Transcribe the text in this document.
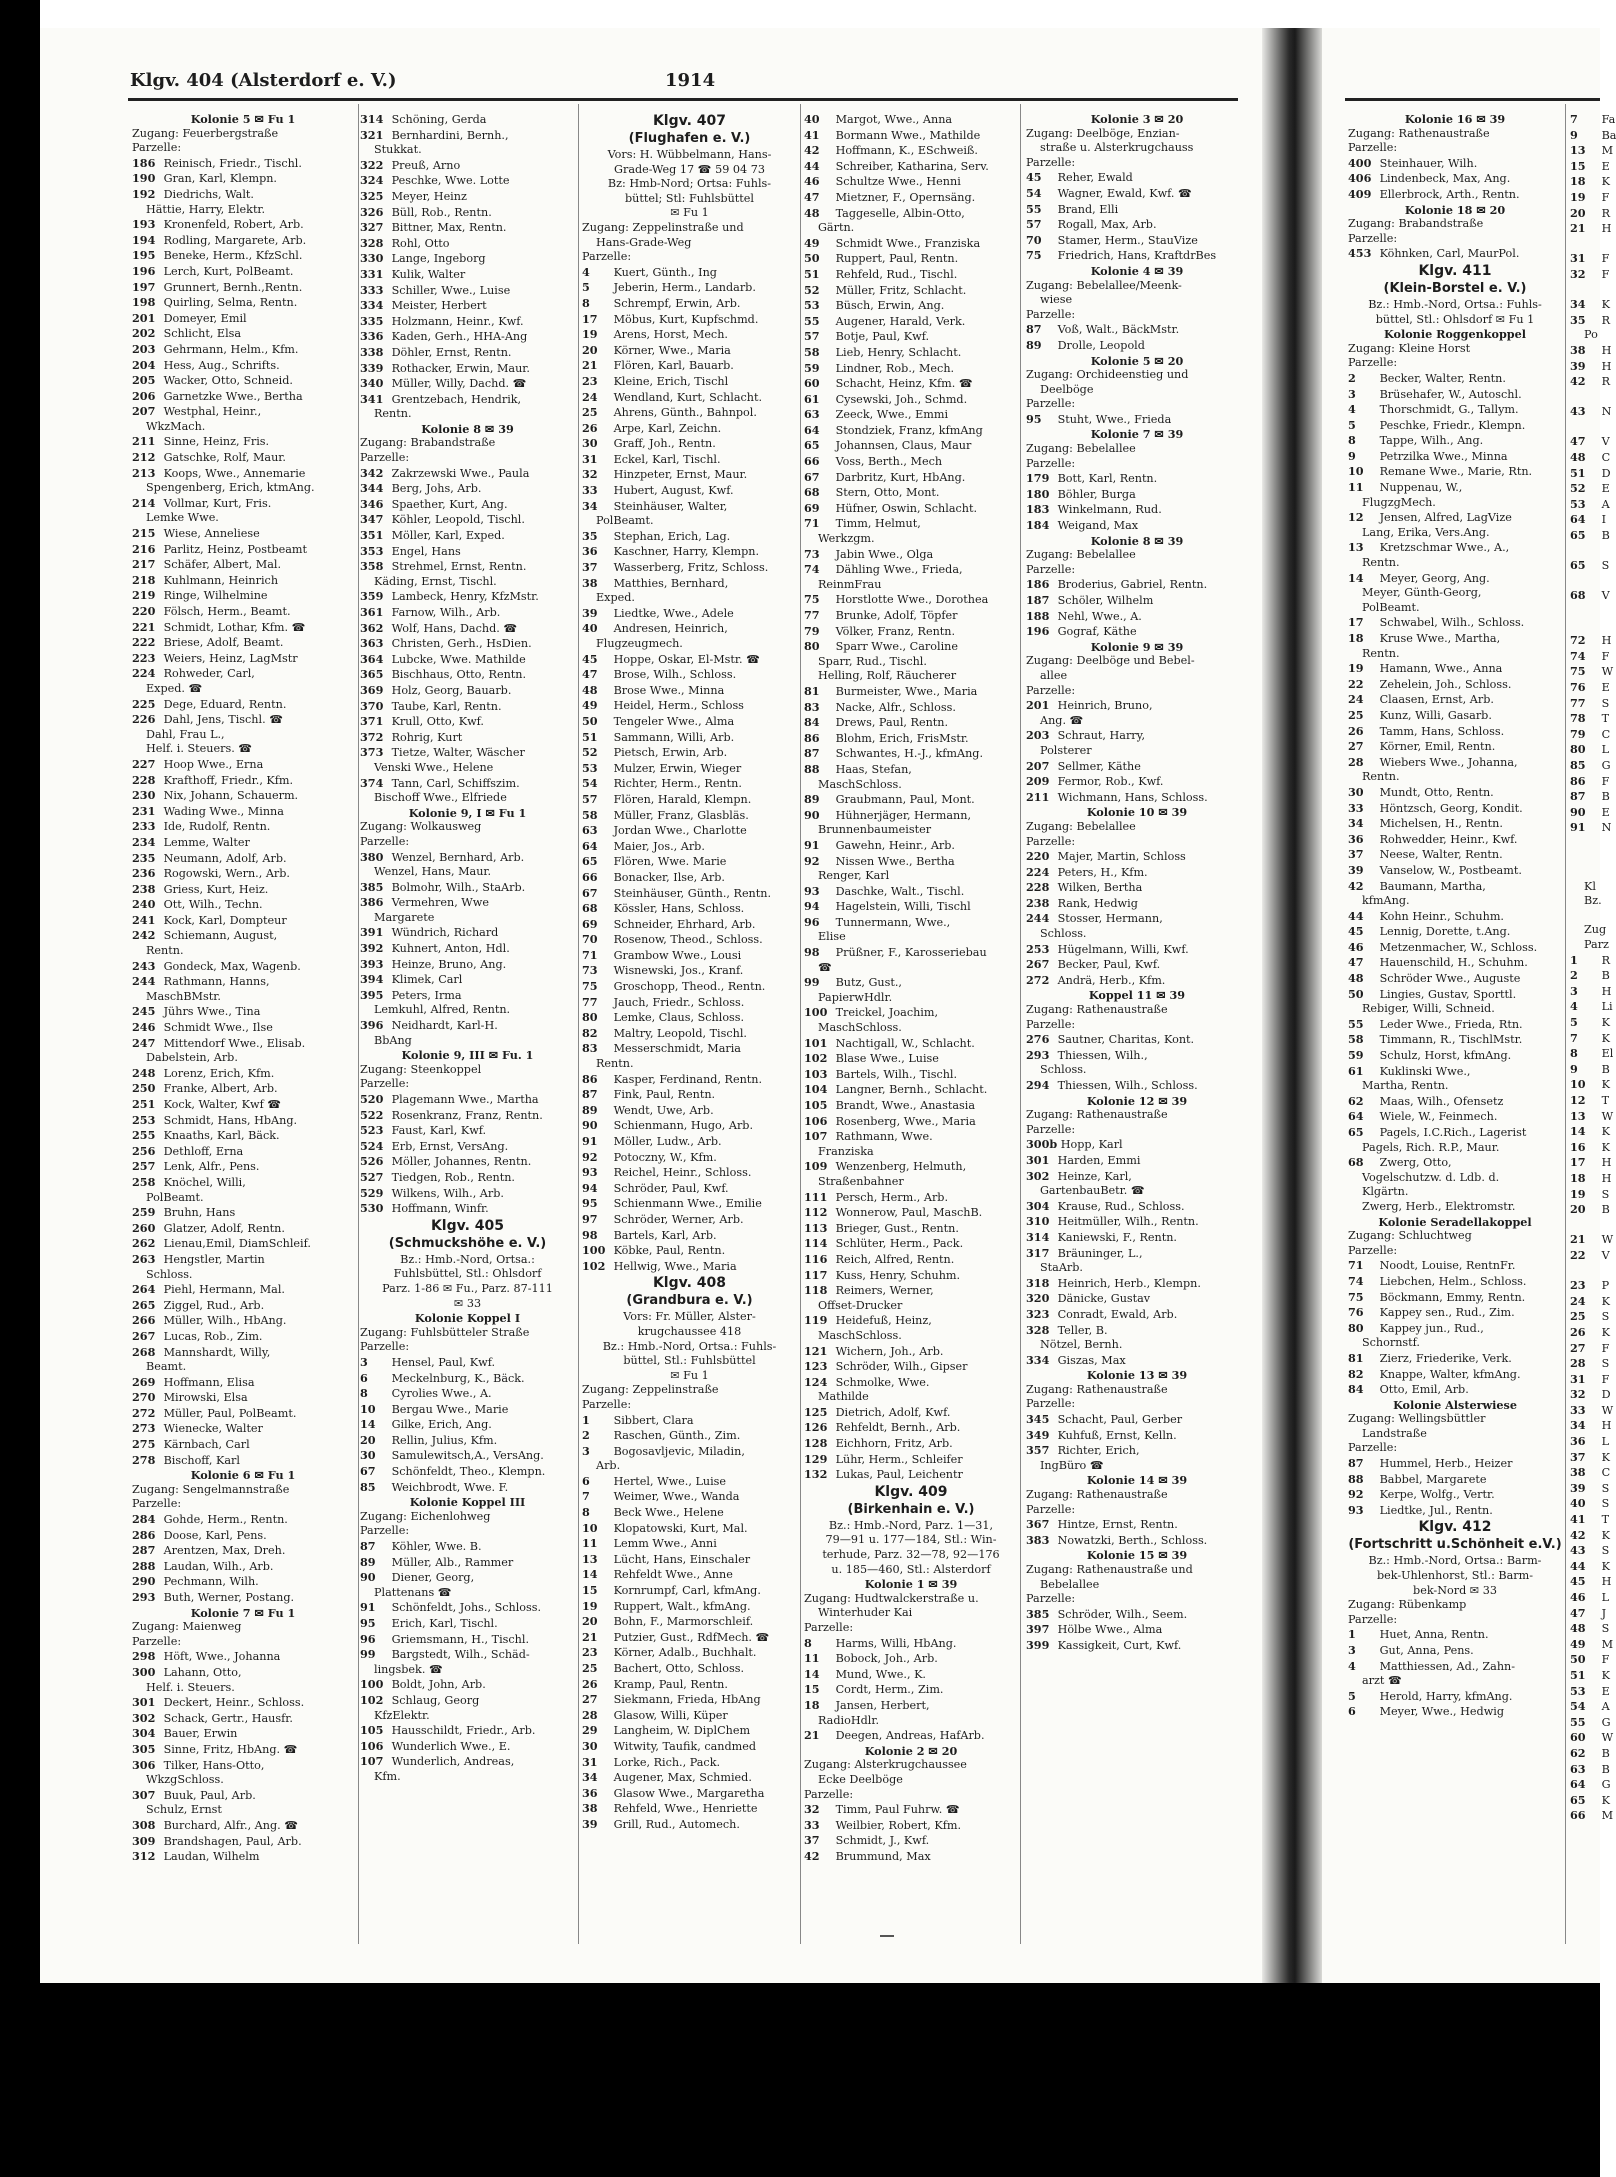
Klgv. 404 (Alsterdorf e. V.)	1914
Kolonie 5 ✉ Fu 1
Zugang: Feuerbergstraße
Parzelle:
186 Reinisch, Friedr., Tischl.
190 Gran, Karl, Klempn.
192 Diedrichs, Walt.
Hättie, Harry, Elektr.
193 Kronenfeld, Robert, Arb.
194 Rodling, Margarete, Arb.
195 Beneke, Herm., KfzSchl.
196 Lerch, Kurt, PolBeamt.
197 Grunnert, Bernh.,Rentn.
198 Quirling, Selma, Rentn.
201 Domeyer, Emil
202 Schlicht, Elsa
203 Gehrmann, Helm., Kfm.
204 Hess, Aug., Schrifts.
205 Wacker, Otto, Schneid.
206 Garnetzke Wwe., Bertha
207 Westphal, Heinr.,
WkzMach.
211 Sinne, Heinz, Fris.
212 Gatschke, Rolf, Maur.
213 Koops, Wwe., Annemarie
Spengenberg, Erich, ktmAng.
214 Vollmar, Kurt, Fris.
Lemke Wwe.
215 Wiese, Anneliese
216 Parlitz, Heinz, Postbeamt
217 Schäfer, Albert, Mal.
218 Kuhlmann, Heinrich
219 Ringe, Wilhelmine
220 Fölsch, Herm., Beamt.
221 Schmidt, Lothar, Kfm. ☎
222 Briese, Adolf, Beamt.
223 Weiers, Heinz, LagMstr
224 Rohweder, Carl,
Exped. ☎
225 Dege, Eduard, Rentn.
226 Dahl, Jens, Tischl. ☎
Dahl, Frau L.,
Helf. i. Steuers. ☎
227 Hoop Wwe., Erna
228 Krafthoff, Friedr., Kfm.
230 Nix, Johann, Schauerm.
231 Wading Wwe., Minna
233 Ide, Rudolf, Rentn.
234 Lemme, Walter
235 Neumann, Adolf, Arb.
236 Rogowski, Wern., Arb.
238 Griess, Kurt, Heiz.
240 Ott, Wilh., Techn.
241 Kock, Karl, Dompteur
242 Schiemann, August,
Rentn.
243 Gondeck, Max, Wagenb.
244 Rathmann, Hanns,
MaschBMstr.
245 Jührs Wwe., Tina
246 Schmidt Wwe., Ilse
247 Mittendorf Wwe., Elisab.
Dabelstein, Arb.
248 Lorenz, Erich, Kfm.
250 Franke, Albert, Arb.
251 Kock, Walter, Kwf ☎
253 Schmidt, Hans, HbAng.
255 Knaaths, Karl, Bäck.
256 Dethloff, Erna
257 Lenk, Alfr., Pens.
258 Knöchel, Willi,
PolBeamt.
259 Bruhn, Hans
260 Glatzer, Adolf, Rentn.
262 Lienau,Emil, DiamSchleif.
263 Hengstler, Martin
Schloss.
264 Piehl, Hermann, Mal.
265 Ziggel, Rud., Arb.
266 Müller, Wilh., HbAng.
267 Lucas, Rob., Zim.
268 Mannshardt, Willy,
Beamt.
269 Hoffmann, Elisa
270 Mirowski, Elsa
272 Müller, Paul, PolBeamt.
273 Wienecke, Walter
275 Kärnbach, Carl
278 Bischoff, Karl
Kolonie 6 ✉ Fu 1
Zugang: Sengelmannstraße
Parzelle:
284 Gohde, Herm., Rentn.
286 Doose, Karl, Pens.
287 Arentzen, Max, Dreh.
288 Laudan, Wilh., Arb.
290 Pechmann, Wilh.
293 Buth, Werner, Postang.
Kolonie 7 ✉ Fu 1
Zugang: Maienweg
Parzelle:
298 Höft, Wwe., Johanna
300 Lahann, Otto,
Helf. i. Steuers.
301 Deckert, Heinr., Schloss.
302 Schack, Gertr., Hausfr.
304 Bauer, Erwin
305 Sinne, Fritz, HbAng. ☎
306 Tilker, Hans-Otto,
WkzgSchloss.
307 Buuk, Paul, Arb.
Schulz, Ernst
308 Burchard, Alfr., Ang. ☎
309 Brandshagen, Paul, Arb.
312 Laudan, Wilhelm
314 Schöning, Gerda
321 Bernhardini, Bernh.,
Stukkat.
322 Preuß, Arno
324 Peschke, Wwe. Lotte
325 Meyer, Heinz
326 Büll, Rob., Rentn.
327 Bittner, Max, Rentn.
328 Rohl, Otto
330 Lange, Ingeborg
331 Kulik, Walter
333 Schiller, Wwe., Luise
334 Meister, Herbert
335 Holzmann, Heinr., Kwf.
336 Kaden, Gerh., HHA-Ang
338 Döhler, Ernst, Rentn.
339 Rothacker, Erwin, Maur.
340 Müller, Willy, Dachd. ☎
341 Grentzebach, Hendrik,
Rentn.
Kolonie 8 ✉ 39
Zugang: Brabandstraße
Parzelle:
342 Zakrzewski Wwe., Paula
344 Berg, Johs, Arb.
346 Spaether, Kurt, Ang.
347 Köhler, Leopold, Tischl.
351 Möller, Karl, Exped.
353 Engel, Hans
358 Strehmel, Ernst, Rentn.
Käding, Ernst, Tischl.
359 Lambeck, Henry, KfzMstr.
361 Farnow, Wilh., Arb.
362 Wolf, Hans, Dachd. ☎
363 Christen, Gerh., HsDien.
364 Lubcke, Wwe. Mathilde
365 Bischhaus, Otto, Rentn.
369 Holz, Georg, Bauarb.
370 Taube, Karl, Rentn.
371 Krull, Otto, Kwf.
372 Rohrig, Kurt
373 Tietze, Walter, Wäscher
Venski Wwe., Helene
374 Tann, Carl, Schiffszim.
Bischoff Wwe., Elfriede
Kolonie 9, I ✉ Fu 1
Zugang: Wolkausweg
Parzelle:
380 Wenzel, Bernhard, Arb.
Wenzel, Hans, Maur.
385 Bolmohr, Wilh., StaArb.
386 Vermehren, Wwe
Margarete
391 Wündrich, Richard
392 Kuhnert, Anton, Hdl.
393 Heinze, Bruno, Ang.
394 Klimek, Carl
395 Peters, Irma
Lemkuhl, Alfred, Rentn.
396 Neidhardt, Karl-H.
BbAng
Kolonie 9, III ✉ Fu. 1
Zugang: Steenkoppel
Parzelle:
520 Plagemann Wwe., Martha
522 Rosenkranz, Franz, Rentn.
523 Faust, Karl, Kwf.
524 Erb, Ernst, VersAng.
526 Möller, Johannes, Rentn.
527 Tiedgen, Rob., Rentn.
529 Wilkens, Wilh., Arb.
530 Hoffmann, Winfr.
Klgv. 405
(Schmuckshöhe e. V.)
Bz.: Hmb.-Nord, Ortsa.:
Fuhlsbüttel, Stl.: Ohlsdorf
Parz. 1-86 ✉ Fu., Parz. 87-111
✉ 33
Kolonie Koppel I
Zugang: Fuhlsbütteler Straße
Parzelle:
3 Hensel, Paul, Kwf.
6 Meckelnburg, K., Bäck.
8 Cyrolies Wwe., A.
10 Bergau Wwe., Marie
14 Gilke, Erich, Ang.
20 Rellin, Julius, Kfm.
30 Samulewitsch,A., VersAng.
67 Schönfeldt, Theo., Klempn.
85 Weichbrodt, Wwe. F.
Kolonie Koppel III
Zugang: Eichenlohweg
Parzelle:
87 Köhler, Wwe. B.
89 Müller, Alb., Rammer
90 Diener, Georg,
Plattenans ☎
91 Schönfeldt, Johs., Schloss.
95 Erich, Karl, Tischl.
96 Griemsmann, H., Tischl.
99 Bargstedt, Wilh., Schäd-
lingsbek. ☎
100 Boldt, John, Arb.
102 Schlaug, Georg
KfzElektr.
105 Hausschildt, Friedr., Arb.
106 Wunderlich Wwe., E.
107 Wunderlich, Andreas,
Kfm.
Klgv. 407
(Flughafen e. V.)
Vors: H. Wübbelmann, Hans-
Grade-Weg 17 ☎ 59 04 73
Bz: Hmb-Nord; Ortsa: Fuhls-
büttel; Stl: Fuhlsbüttel
✉ Fu 1
Zugang: Zeppelinstraße und
Hans-Grade-Weg
Parzelle:
4 Kuert, Günth., Ing
5 Jeberin, Herm., Landarb.
8 Schrempf, Erwin, Arb.
17 Möbus, Kurt, Kupfschmd.
19 Arens, Horst, Mech.
20 Körner, Wwe., Maria
21 Flören, Karl, Bauarb.
23 Kleine, Erich, Tischl
24 Wendland, Kurt, Schlacht.
25 Ahrens, Günth., Bahnpol.
26 Arpe, Karl, Zeichn.
30 Graff, Joh., Rentn.
31 Eckel, Karl, Tischl.
32 Hinzpeter, Ernst, Maur.
33 Hubert, August, Kwf.
34 Steinhäuser, Walter,
PolBeamt.
35 Stephan, Erich, Lag.
36 Kaschner, Harry, Klempn.
37 Wasserberg, Fritz, Schloss.
38 Matthies, Bernhard,
Exped.
39 Liedtke, Wwe., Adele
40 Andresen, Heinrich,
Flugzeugmech.
45 Hoppe, Oskar, El-Mstr. ☎
47 Brose, Wilh., Schloss.
48 Brose Wwe., Minna
49 Heidel, Herm., Schloss
50 Tengeler Wwe., Alma
51 Sammann, Willi, Arb.
52 Pietsch, Erwin, Arb.
53 Mulzer, Erwin, Wieger
54 Richter, Herm., Rentn.
57 Flören, Harald, Klempn.
58 Müller, Franz, Glasbläs.
63 Jordan Wwe., Charlotte
64 Maier, Jos., Arb.
65 Flören, Wwe. Marie
66 Bonacker, Ilse, Arb.
67 Steinhäuser, Günth., Rentn.
68 Kössler, Hans, Schloss.
69 Schneider, Ehrhard, Arb.
70 Rosenow, Theod., Schloss.
71 Grambow Wwe., Lousi
73 Wisnewski, Jos., Kranf.
75 Groschopp, Theod., Rentn.
77 Jauch, Friedr., Schloss.
80 Lemke, Claus, Schloss.
82 Maltry, Leopold, Tischl.
83 Messerschmidt, Maria
Rentn.
86 Kasper, Ferdinand, Rentn.
87 Fink, Paul, Rentn.
89 Wendt, Uwe, Arb.
90 Schienmann, Hugo, Arb.
91 Möller, Ludw., Arb.
92 Potoczny, W., Kfm.
93 Reichel, Heinr., Schloss.
94 Schröder, Paul, Kwf.
95 Schienmann Wwe., Emilie
97 Schröder, Werner, Arb.
98 Bartels, Karl, Arb.
100 Köbke, Paul, Rentn.
102 Hellwig, Wwe., Maria
Klgv. 408
(Grandbura e. V.)
Vors: Fr. Müller, Alster-
krugchaussee 418
Bz.: Hmb.-Nord, Ortsa.: Fuhls-
büttel, Stl.: Fuhlsbüttel
✉ Fu 1
Zugang: Zeppelinstraße
Parzelle:
1 Sibbert, Clara
2 Raschen, Günth., Zim.
3 Bogosavljevic, Miladin,
Arb.
6 Hertel, Wwe., Luise
7 Weimer, Wwe., Wanda
8 Beck Wwe., Helene
10 Klopatowski, Kurt, Mal.
11 Lemm Wwe., Anni
13 Lücht, Hans, Einschaler
14 Rehfeldt Wwe., Anne
15 Kornrumpf, Carl, kfmAng.
19 Ruppert, Walt., kfmAng.
20 Bohn, F., Marmorschleif.
21 Putzier, Gust., RdfMech. ☎
23 Körner, Adalb., Buchhalt.
25 Bachert, Otto, Schloss.
26 Kramp, Paul, Rentn.
27 Siekmann, Frieda, HbAng
28 Glasow, Willi, Küper
29 Langheim, W. DiplChem
30 Witwity, Taufik, candmed
31 Lorke, Rich., Pack.
34 Augener, Max, Schmied.
36 Glasow Wwe., Margaretha
38 Rehfeld, Wwe., Henriette
39 Grill, Rud., Automech.
40 Margot, Wwe., Anna
41 Bormann Wwe., Mathilde
42 Hoffmann, K., ESchweiß.
44 Schreiber, Katharina, Serv.
46 Schultze Wwe., Henni
47 Mietzner, F., Opernsäng.
48 Taggeselle, Albin-Otto,
Gärtn.
49 Schmidt Wwe., Franziska
50 Ruppert, Paul, Rentn.
51 Rehfeld, Rud., Tischl.
52 Müller, Fritz, Schlacht.
53 Büsch, Erwin, Ang.
55 Augener, Harald, Verk.
57 Botje, Paul, Kwf.
58 Lieb, Henry, Schlacht.
59 Lindner, Rob., Mech.
60 Schacht, Heinz, Kfm. ☎
61 Cysewski, Joh., Schmd.
63 Zeeck, Wwe., Emmi
64 Stondziek, Franz, kfmAng
65 Johannsen, Claus, Maur
66 Voss, Berth., Mech
67 Darbritz, Kurt, HbAng.
68 Stern, Otto, Mont.
69 Hüfner, Oswin, Schlacht.
71 Timm, Helmut,
Werkzgm.
73 Jabin Wwe., Olga
74 Dähling Wwe., Frieda,
ReinmFrau
75 Horstlotte Wwe., Dorothea
77 Brunke, Adolf, Töpfer
79 Völker, Franz, Rentn.
80 Sparr Wwe., Caroline
Sparr, Rud., Tischl.
Helling, Rolf, Räucherer
81 Burmeister, Wwe., Maria
83 Nacke, Alfr., Schloss.
84 Drews, Paul, Rentn.
86 Blohm, Erich, FrisMstr.
87 Schwantes, H.-J., kfmAng.
88 Haas, Stefan,
MaschSchloss.
89 Graubmann, Paul, Mont.
90 Hühnerjäger, Hermann,
Brunnenbaumeister
91 Gawehn, Heinr., Arb.
92 Nissen Wwe., Bertha
Renger, Karl
93 Daschke, Walt., Tischl.
94 Hagelstein, Willi, Tischl
96 Tunnermann, Wwe.,
Elise
98 Prüßner, F., Karosseriebau
☎
99 Butz, Gust.,
PapierwHdlr.
100 Treickel, Joachim,
MaschSchloss.
101 Nachtigall, W., Schlacht.
102 Blase Wwe., Luise
103 Bartels, Wilh., Tischl.
104 Langner, Bernh., Schlacht.
105 Brandt, Wwe., Anastasia
106 Rosenberg, Wwe., Maria
107 Rathmann, Wwe.
Franziska
109 Wenzenberg, Helmuth,
Straßenbahner
111 Persch, Herm., Arb.
112 Wonnerow, Paul, MaschB.
113 Brieger, Gust., Rentn.
114 Schlüter, Herm., Pack.
116 Reich, Alfred, Rentn.
117 Kuss, Henry, Schuhm.
118 Reimers, Werner,
Offset-Drucker
119 Heidefuß, Heinz,
MaschSchloss.
121 Wichern, Joh., Arb.
123 Schröder, Wilh., Gipser
124 Schmolke, Wwe.
Mathilde
125 Dietrich, Adolf, Kwf.
126 Rehfeldt, Bernh., Arb.
128 Eichhorn, Fritz, Arb.
129 Lühr, Herm., Schleifer
132 Lukas, Paul, Leichentr
Klgv. 409
(Birkenhain e. V.)
Bz.: Hmb.-Nord, Parz. 1—31,
79—91 u. 177—184, Stl.: Win-
terhude, Parz. 32—78, 92—176
u. 185—460, Stl.: Alsterdorf
Kolonie 1 ✉ 39
Zugang: Hudtwalckerstraße u.
Winterhuder Kai
Parzelle:
8 Harms, Willi, HbAng.
11 Bobock, Joh., Arb.
14 Mund, Wwe., K.
15 Cordt, Herm., Zim.
18 Jansen, Herbert,
RadioHdlr.
21 Deegen, Andreas, HafArb.
Kolonie 2 ✉ 20
Zugang: Alsterkrugchaussee
Ecke Deelböge
Parzelle:
32 Timm, Paul Fuhrw. ☎
33 Weilbier, Robert, Kfm.
37 Schmidt, J., Kwf.
42 Brummund, Max
Kolonie 3 ✉ 20
Zugang: Deelböge, Enzian-
straße u. Alsterkrugchauss
Parzelle:
45 Reher, Ewald
54 Wagner, Ewald, Kwf. ☎
55 Brand, Elli
57 Rogall, Max, Arb.
70 Stamer, Herm., StauVize
75 Friedrich, Hans, KraftdrBes
Kolonie 4 ✉ 39
Zugang: Bebelallee/Meenk-
wiese
Parzelle:
87 Voß, Walt., BäckMstr.
89 Drolle, Leopold
Kolonie 5 ✉ 20
Zugang: Orchideenstieg und
Deelböge
Parzelle:
95 Stuht, Wwe., Frieda
Kolonie 7 ✉ 39
Zugang: Bebelallee
Parzelle:
179 Bott, Karl, Rentn.
180 Böhler, Burga
183 Winkelmann, Rud.
184 Weigand, Max
Kolonie 8 ✉ 39
Zugang: Bebelallee
Parzelle:
186 Broderius, Gabriel, Rentn.
187 Schöler, Wilhelm
188 Nehl, Wwe., A.
196 Gograf, Käthe
Kolonie 9 ✉ 39
Zugang: Deelböge und Bebel-
allee
Parzelle:
201 Heinrich, Bruno,
Ang. ☎
203 Schraut, Harry,
Polsterer
207 Sellmer, Käthe
209 Fermor, Rob., Kwf.
211 Wichmann, Hans, Schloss.
Kolonie 10 ✉ 39
Zugang: Bebelallee
Parzelle:
220 Majer, Martin, Schloss
224 Peters, H., Kfm.
228 Wilken, Bertha
238 Rank, Hedwig
244 Stosser, Hermann,
Schloss.
253 Hügelmann, Willi, Kwf.
267 Becker, Paul, Kwf.
272 Andrä, Herb., Kfm.
Koppel 11 ✉ 39
Zugang: Rathenaustraße
Parzelle:
276 Sautner, Charitas, Kont.
293 Thiessen, Wilh.,
Schloss.
294 Thiessen, Wilh., Schloss.
Kolonie 12 ✉ 39
Zugang: Rathenaustraße
Parzelle:
300b Hopp, Karl
301 Harden, Emmi
302 Heinze, Karl,
GartenbauBetr. ☎
304 Krause, Rud., Schloss.
310 Heitmüller, Wilh., Rentn.
314 Kaniewski, F., Rentn.
317 Bräuninger, L.,
StaArb.
318 Heinrich, Herb., Klempn.
320 Dänicke, Gustav
323 Conradt, Ewald, Arb.
328 Teller, B.
Nötzel, Bernh.
334 Giszas, Max
Kolonie 13 ✉ 39
Zugang: Rathenaustraße
Parzelle:
345 Schacht, Paul, Gerber
349 Kuhfuß, Ernst, Kelln.
357 Richter, Erich,
IngBüro ☎
Kolonie 14 ✉ 39
Zugang: Rathenaustraße
Parzelle:
367 Hintze, Ernst, Rentn.
383 Nowatzki, Berth., Schloss.
Kolonie 15 ✉ 39
Zugang: Rathenaustraße und
Bebelallee
Parzelle:
385 Schröder, Wilh., Seem.
397 Hölbe Wwe., Alma
399 Kassigkeit, Curt, Kwf.
Kolonie 16 ✉ 39
Zugang: Rathenaustraße
Parzelle:
400 Steinhauer, Wilh.
406 Lindenbeck, Max, Ang.
409 Ellerbrock, Arth., Rentn.
Kolonie 18 ✉ 20
Zugang: Brabandstraße
Parzelle:
453 Köhnken, Carl, MaurPol.
Klgv. 411
(Klein-Borstel e. V.)
Bz.: Hmb.-Nord, Ortsa.: Fuhls-
büttel, Stl.: Ohlsdorf ✉ Fu 1
Kolonie Roggenkoppel
Zugang: Kleine Horst
Parzelle:
2 Becker, Walter, Rentn.
3 Brüsehafer, W., Autoschl.
4 Thorschmidt, G., Tallym.
5 Peschke, Friedr., Klempn.
8 Tappe, Wilh., Ang.
9 Petrzilka Wwe., Minna
10 Remane Wwe., Marie, Rtn.
11 Nuppenau, W.,
FlugzgMech.
12 Jensen, Alfred, LagVize
Lang, Erika, Vers.Ang.
13 Kretzschmar Wwe., A.,
Rentn.
14 Meyer, Georg, Ang.
Meyer, Günth-Georg,
PolBeamt.
17 Schwabel, Wilh., Schloss.
18 Kruse Wwe., Martha,
Rentn.
19 Hamann, Wwe., Anna
22 Zehelein, Joh., Schloss.
24 Claasen, Ernst, Arb.
25 Kunz, Willi, Gasarb.
26 Tamm, Hans, Schloss.
27 Körner, Emil, Rentn.
28 Wiebers Wwe., Johanna,
Rentn.
30 Mundt, Otto, Rentn.
33 Höntzsch, Georg, Kondit.
34 Michelsen, H., Rentn.
36 Rohwedder, Heinr., Kwf.
37 Neese, Walter, Rentn.
39 Vanselow, W., Postbeamt.
42 Baumann, Martha,
kfmAng.
44 Kohn Heinr., Schuhm.
45 Lennig, Dorette, t.Ang.
46 Metzenmacher, W., Schloss.
47 Hauenschild, H., Schuhm.
48 Schröder Wwe., Auguste
50 Lingies, Gustav, Sporttl.
Rebiger, Willi, Schneid.
55 Leder Wwe., Frieda, Rtn.
58 Timmann, R., TischlMstr.
59 Schulz, Horst, kfmAng.
61 Kuklinski Wwe.,
Martha, Rentn.
62 Maas, Wilh., Ofensetz
64 Wiele, W., Feinmech.
65 Pagels, I.C.Rich., Lagerist
Pagels, Rich. R.P., Maur.
68 Zwerg, Otto,
Vogelschutzw. d. Ldb. d.
Klgärtn.
Zwerg, Herb., Elektromstr.
Kolonie Seradellakoppel
Zugang: Schluchtweg
Parzelle:
71 Noodt, Louise, RentnFr.
74 Liebchen, Helm., Schloss.
75 Böckmann, Emmy, Rentn.
76 Kappey sen., Rud., Zim.
80 Kappey jun., Rud.,
Schornstf.
81 Zierz, Friederike, Verk.
82 Knappe, Walter, kfmAng.
84 Otto, Emil, Arb.
Kolonie Alsterwiese
Zugang: Wellingsbüttler
Landstraße
Parzelle:
87 Hummel, Herb., Heizer
88 Babbel, Margarete
92 Kerpe, Wolfg., Vertr.
93 Liedtke, Jul., Rentn.
Klgv. 412
(Fortschritt u.Schönheit e.V.)
Bz.: Hmb.-Nord, Ortsa.: Barm-
bek-Uhlenhorst, Stl.: Barm-
bek-Nord ✉ 33
Zugang: Rübenkamp
Parzelle:
1 Huet, Anna, Rentn.
3 Gut, Anna, Pens.
4 Matthiessen, Ad., Zahn-
arzt ☎
5 Herold, Harry, kfmAng.
6 Meyer, Wwe., Hedwig
7 Fa
9 Ba
13 M
15 E
18 K
19 F
20 R
21 H

31 F
32 F

34 K
35 R
Po
38 H
39 H
42 R

43 N

47 V
48 C
51 D
52 E
53 A
64 I
65 B

65 S

68 V

72 H
74 F
75 W
76 E
77 S
78 T
79 C
80 L
85 G
86 F
87 B
90 E
91 N

Kl
Bz.

Zug
Parz
1 R
2 B
3 H
4 Li
5 K
7 K
8 El
9 B
10 K
12 T
13 W
14 K
16 K
17 H
18 H
19 S
20 B

21 W
22 V

23 P
24 K
25 S
26 K
27 F
28 S
31 F
32 D
33 W
34 H
36 L
37 K
38 C
39 S
40 S
41 T
42 K
43 S
44 K
45 H
46 L
47 J
48 S
49 M
50 F
51 K
53 E
54 A
55 G
60 W
62 B
63 B
64 G
65 K
66 M
